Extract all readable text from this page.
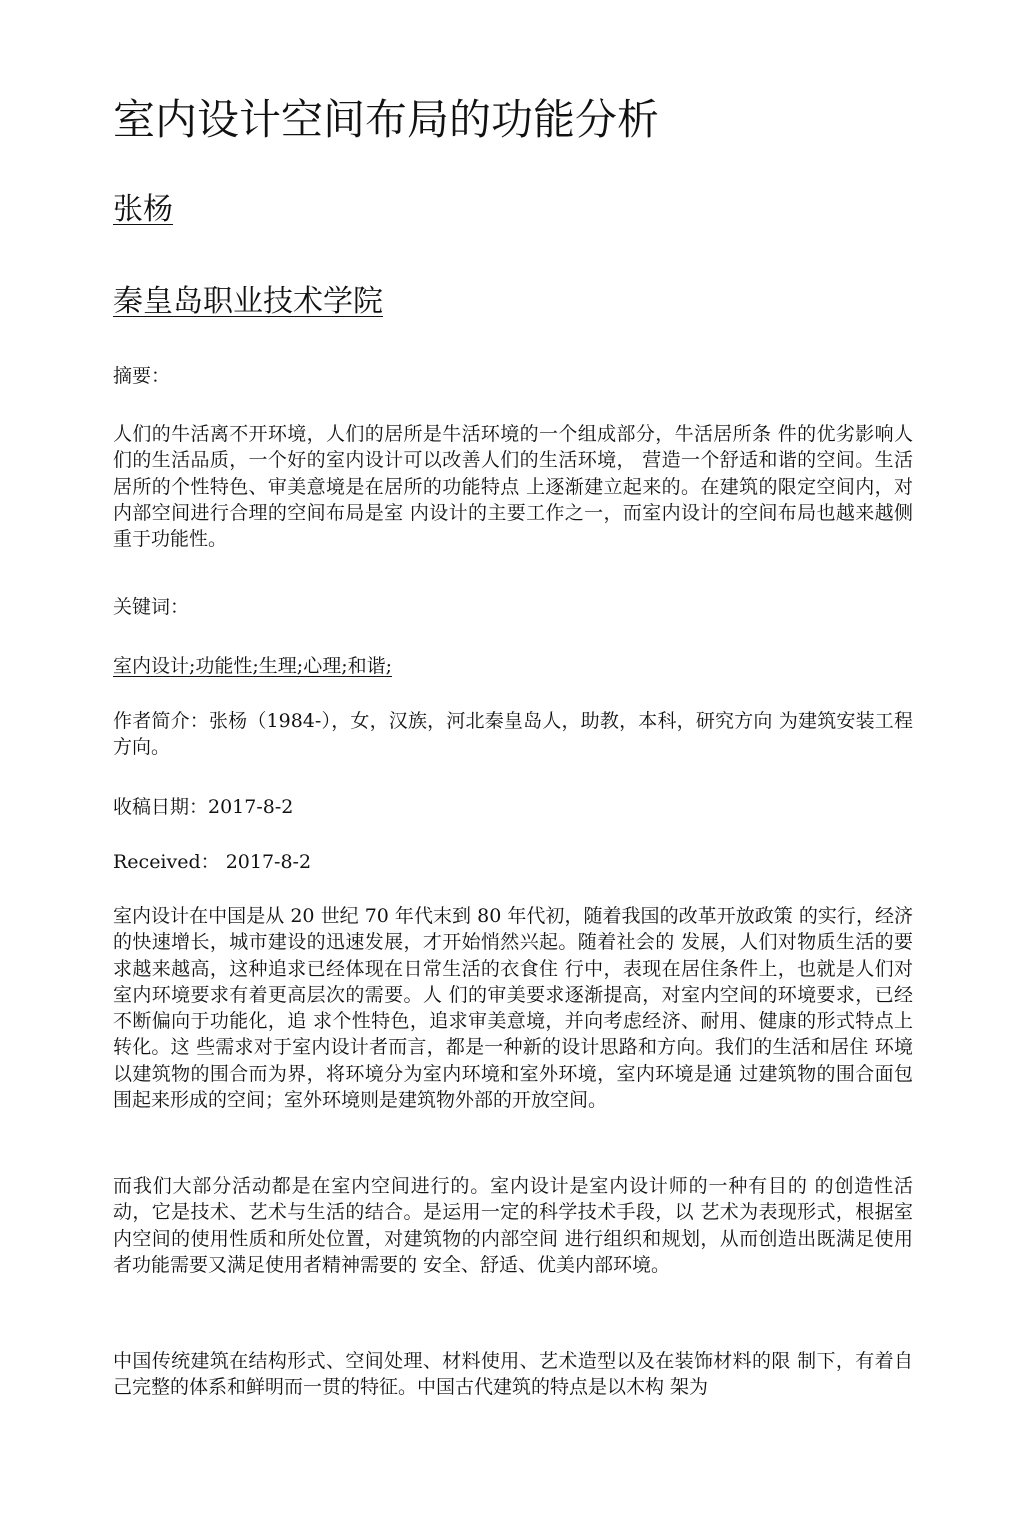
室内设计空间布局的功能分析
张杨
秦皇岛职业技术学院
摘要：

人们的牛活离不开环境，人们的居所是牛活环境的一个组成部分，牛活居所条 件的优劣影响人们的生活品质，一个好的室内设计可以改善人们的生活环境， 营造一个舒适和谐的空间。生活居所的个性特色、审美意境是在居所的功能特点 上逐渐建立起来的。在建筑的限定空间内，对内部空间进行合理的空间布局是室 内设计的主要工作之一，而室内设计的空间布局也越来越侧重于功能性。

关键词：
室内设计;功能性;生理;心理;和谐;

作者简介：张杨（1984-），女，汉族，河北秦皇岛人，助教，本科，研究方向 为建筑安装工程方向。

收稿日期：2017-8-2
Received： 2017-8-2

室内设计在中国是从 20 世纪 70 年代末到 80 年代初，随着我国的改革开放政策 的实行，经济的快速增长，城市建设的迅速发展，才开始悄然兴起。随着社会的 发展，人们对物质生活的要求越来越高，这种追求已经体现在日常生活的衣食住 行中，表现在居住条件上，也就是人们对室内环境要求有着更高层次的需要。人 们的审美要求逐渐提高，对室内空间的环境要求，已经不断偏向于功能化，追 求个性特色，追求审美意境，并向考虑经济、耐用、健康的形式特点上转化。这 些需求对于室内设计者而言，都是一种新的设计思路和方向。我们的生活和居住 环境以建筑物的围合而为界，将环境分为室内环境和室外环境，室内环境是通 过建筑物的围合面包围起来形成的空间；室外环境则是建筑物外部的开放空间。

而我们大部分活动都是在室内空间进行的。室内设计是室内设计师的一种有目的 的创造性活动，它是技术、艺术与生活的结合。是运用一定的科学技术手段，以 艺术为表现形式，根据室内空间的使用性质和所处位置，对建筑物的内部空间 进行组织和规划，从而创造出既满足使用者功能需要又满足使用者精神需要的 安全、舒适、优美内部环境。

中国传统建筑在结构形式、空间处理、材料使用、艺术造型以及在装饰材料的限 制下，有着自己完整的体系和鲜明而一贯的特征。中国古代建筑的特点是以木构 架为
